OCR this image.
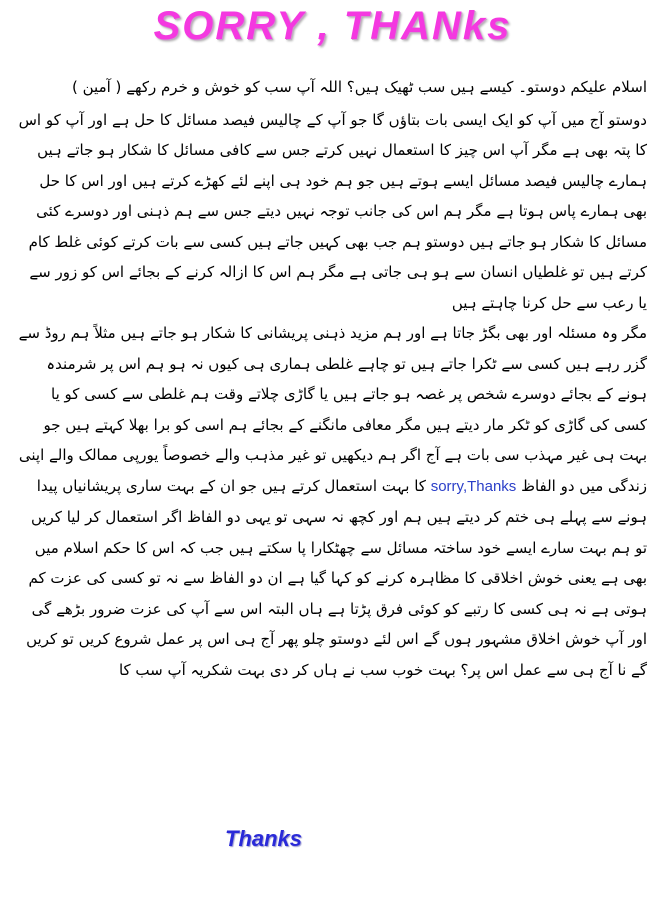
SORRY , THANks

اسلام علیکم دوستو۔ کیسے ہیں سب ٹھیک ہیں؟ اللہ آپ سب کو خوش و خرم رکھے ( آمین )

دوستو آج میں آپ کو ایک ایسی بات بتاؤں گا جو آپ کے چالیس فیصد مسائل کا حل ہے اور آپ کو اس کا پتہ بھی ہے مگر آپ اس چیز کا استعمال نہیں کرتے جس سے کافی مسائل کا شکار ہو جاتے ہیں ہمارے چالیس فیصد مسائل ایسے ہوتے ہیں جو ہم خود ہی اپنے لئے کھڑے کرتے ہیں اور اس کا حل بھی ہمارے پاس ہوتا ہے مگر ہم اس کی جانب توجہ نہیں دیتے جس سے ہم ذہنی اور دوسرے کئی مسائل کا شکار ہو جاتے ہیں دوستو ہم جب بھی کہیں جاتے ہیں کسی سے بات کرتے کوئی غلط کام کرتے ہیں تو غلطیاں انسان سے ہو ہی جاتی ہے مگر ہم اس کا ازالہ کرنے کے بجائے اس کو زور سے یا رعب سے حل کرنا چاہتے ہیں

مگر وہ مسئلہ اور بھی بگڑ جاتا ہے اور ہم مزید ذہنی پریشانی کا شکار ہو جاتے ہیں مثلاً ہم روڈ سے گزر رہے ہیں کسی سے ٹکرا جاتے ہیں تو چاہے غلطی ہماری ہی کیوں نہ ہو ہم اس پر شرمندہ ہونے کے بجائے دوسرے شخص پر غصہ ہو جاتے ہیں یا گاڑی چلاتے وقت ہم غلطی سے کسی کو یا کسی کی گاڑی کو ٹکر مار دیتے ہیں مگر معافی مانگنے کے بجائے ہم اسی کو برا بھلا کہتے ہیں جو بہت ہی غیر مہذب سی بات ہے آج اگر ہم دیکھیں تو غیر مذہب والے خصوصاً یورپی ممالک والے اپنی زندگی میں دو الفاظ sorry,Thanks کا بہت استعمال کرتے ہیں جو ان کے بہت ساری پریشانیاں پیدا ہونے سے پہلے ہی ختم کر دیتے ہیں ہم اور کچھ نہ سہی تو یہی دو الفاظ اگر استعمال کر لیا کریں تو ہم بہت سارے ایسے خود ساختہ مسائل سے چھٹکارا پا سکتے ہیں جب کہ اس کا حکم اسلام میں بھی ہے یعنی خوش اخلاقی کا مظاہرہ کرنے کو کہا گیا ہے ان دو الفاظ سے نہ تو کسی کی عزت کم ہوتی ہے نہ ہی کسی کا رتبے کو کوئی فرق پڑتا ہے ہاں البتہ اس سے آپ کی عزت ضرور بڑھے گی اور آپ خوش اخلاق مشہور ہوں گے اس لئے دوستو چلو پھر آج ہی اس پر عمل شروع کریں تو کریں گے نا آج ہی سے عمل اس پر؟ بہت خوب سب نے ہاں کر دی بہت شکریہ آپ سب کا

Thanks
